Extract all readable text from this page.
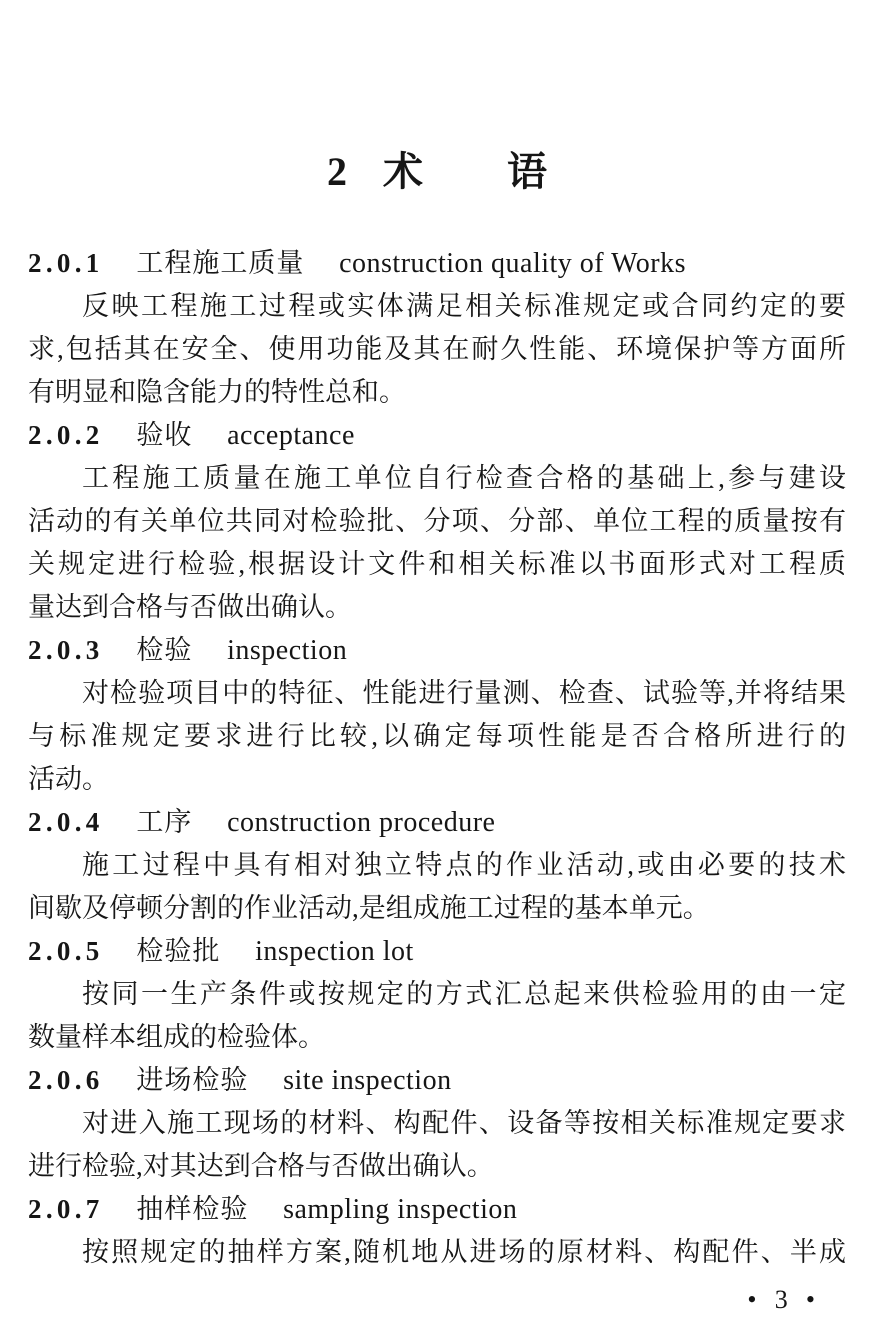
2 术 语
2.0.1 工程施工质量 construction quality of Works
反映工程施工过程或实体满足相关标准规定或合同约定的要
求,包括其在安全、使用功能及其在耐久性能、环境保护等方面所
有明显和隐含能力的特性总和。
2.0.2 验收 acceptance
工程施工质量在施工单位自行检查合格的基础上,参与建设
活动的有关单位共同对检验批、分项、分部、单位工程的质量按有
关规定进行检验,根据设计文件和相关标准以书面形式对工程质
量达到合格与否做出确认。
2.0.3 检验 inspection
对检验项目中的特征、性能进行量测、检查、试验等,并将结果
与标准规定要求进行比较,以确定每项性能是否合格所进行的
活动。
2.0.4 工序 construction procedure
施工过程中具有相对独立特点的作业活动,或由必要的技术
间歇及停顿分割的作业活动,是组成施工过程的基本单元。
2.0.5 检验批 inspection lot
按同一生产条件或按规定的方式汇总起来供检验用的由一定
数量样本组成的检验体。
2.0.6 进场检验 site inspection
对进入施工现场的材料、构配件、设备等按相关标准规定要求
进行检验,对其达到合格与否做出确认。
2.0.7 抽样检验 sampling inspection
按照规定的抽样方案,随机地从进场的原材料、构配件、半成
• 3 •
